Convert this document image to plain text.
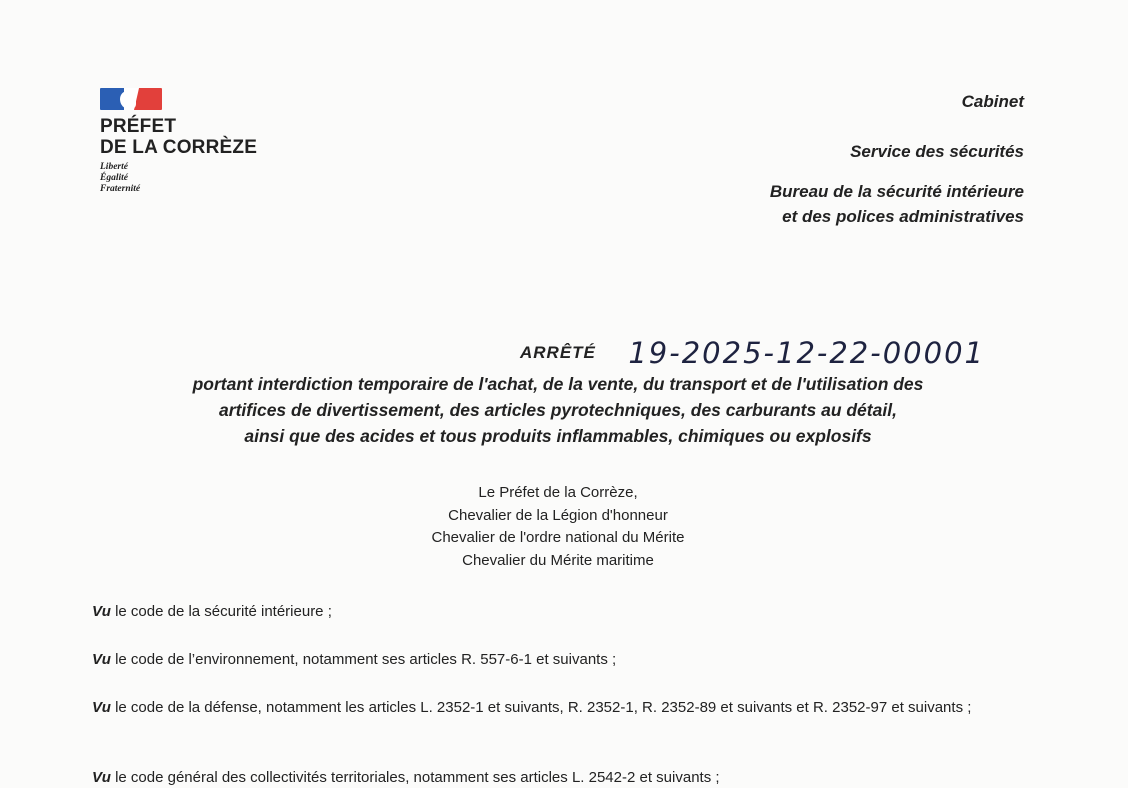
PRÉFET
DE LA CORRÈZE
Liberté
Égalité
Fraternité
Cabinet
Service des sécurités
Bureau de la sécurité intérieure
et des polices administratives
ARRÊTÉ 19-2025-12-22-00001
portant interdiction temporaire de l'achat, de la vente, du transport et de l'utilisation des
artifices de divertissement, des articles pyrotechniques, des carburants au détail,
ainsi que des acides et tous produits inflammables, chimiques ou explosifs
Le Préfet de la Corrèze,
Chevalier de la Légion d'honneur
Chevalier de l'ordre national du Mérite
Chevalier du Mérite maritime
Vu le code de la sécurité intérieure ;
Vu le code de l’environnement, notamment ses articles R. 557-6-1 et suivants ;
Vu le code de la défense, notamment les articles L. 2352-1 et suivants, R. 2352-1, R. 2352-89 et suivants et R. 2352-97 et suivants ;
Vu le code général des collectivités territoriales, notamment ses articles L. 2542-2 et suivants ;
